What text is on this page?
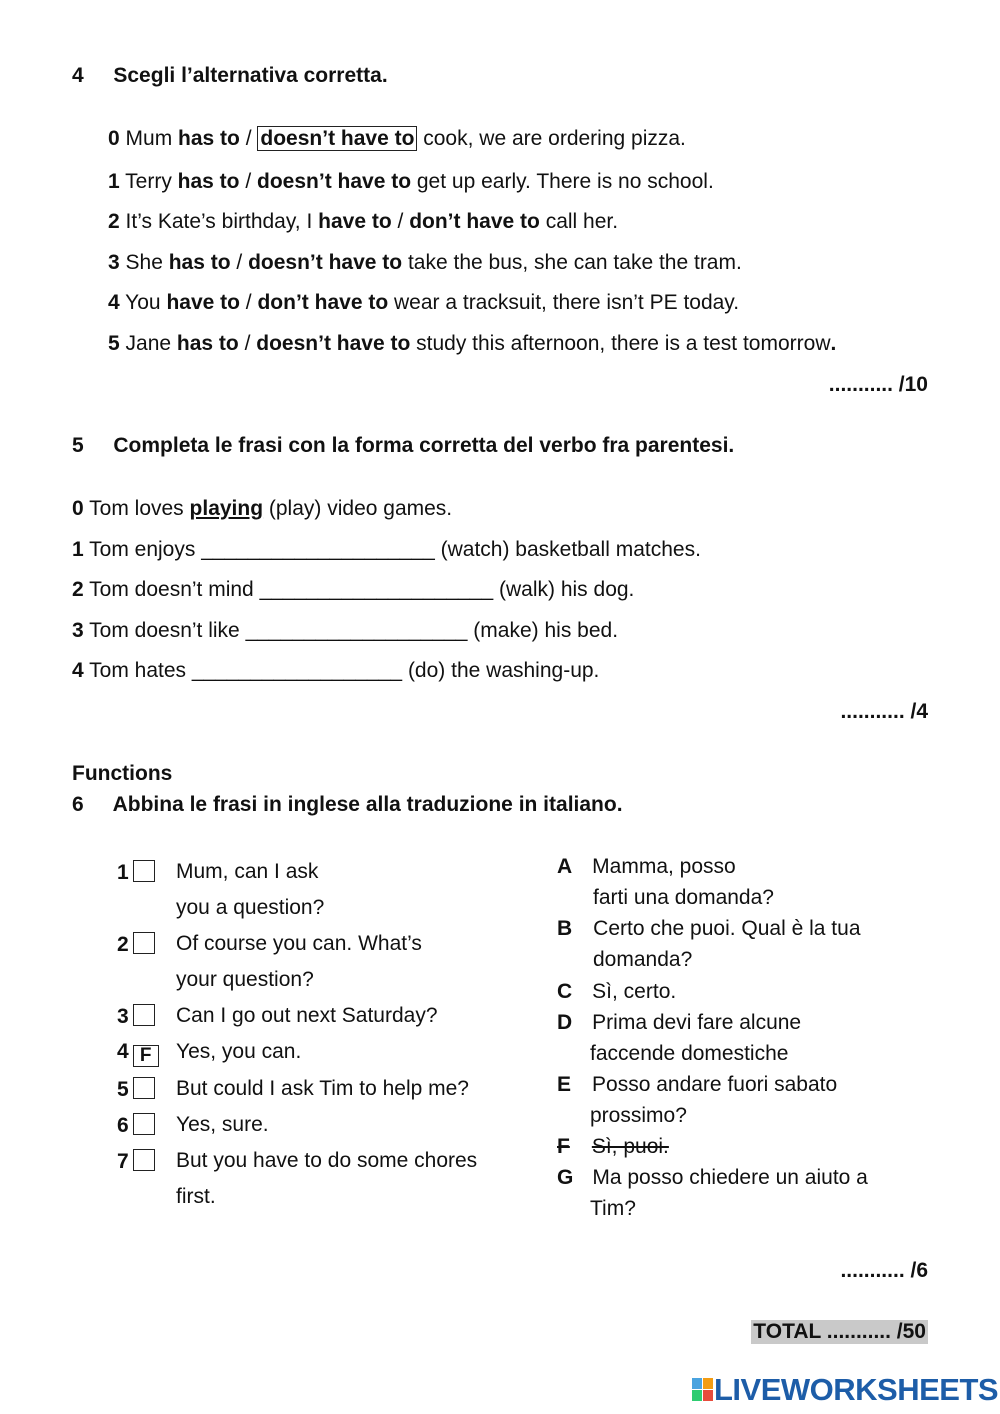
4 Scegli l’alternativa corretta.
0 Mum has to / doesn’t have to cook, we are ordering pizza.
1 Terry has to / doesn’t have to get up early. There is no school.
2 It’s Kate’s birthday, I have to / don’t have to call her.
3 She has to / doesn’t have to take the bus, she can take the tram.
4 You have to / don’t have to wear a tracksuit, there isn’t PE today.
5 Jane has to / doesn’t have to study this afternoon, there is a test tomorrow.
........... /10
5 Completa le frasi con la forma corretta del verbo fra parentesi.
0 Tom loves playing (play) video games.
1 Tom enjoys ____________________ (watch) basketball matches.
2 Tom doesn’t mind ____________________ (walk) his dog.
3 Tom doesn’t like ___________________ (make) his bed.
4 Tom hates __________________ (do) the washing-up.
........... /4
Functions
6 Abbina le frasi in inglese alla traduzione in italiano.
1	Mum, can I ask
you a question?
2	Of course you can. What’s
your question?
3	Can I go out next Saturday?
4 F	Yes, you can.
5	But could I ask Tim to help me?
6	Yes, sure.
7	But you have to do some chores
first.
A Mamma, posso
farti una domanda?
B Certo che puoi. Qual è la tua
domanda?
C Sì, certo.
D Prima devi fare alcune
faccende domestiche
E Posso andare fuori sabato
prossimo?
F Sì, puoi.
G Ma posso chiedere un aiuto a
Tim?
........... /6
TOTAL ........... /50
LIVEWORKSHEETS
